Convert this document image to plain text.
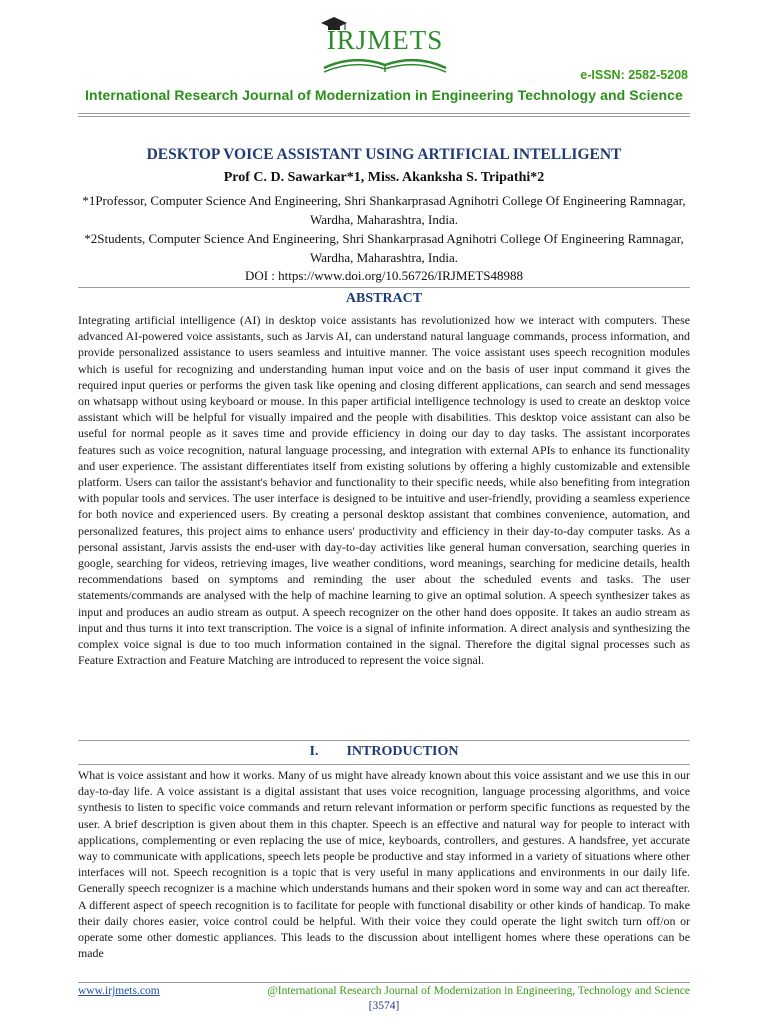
IRJMETS
e-ISSN: 2582-5208
International Research Journal of Modernization in Engineering Technology and Science
DESKTOP VOICE ASSISTANT USING ARTIFICIAL INTELLIGENT
Prof C. D. Sawarkar*1, Miss. Akanksha S. Tripathi*2
*1Professor, Computer Science And Engineering, Shri Shankarprasad Agnihotri College Of Engineering Ramnagar, Wardha, Maharashtra, India.
*2Students, Computer Science And Engineering, Shri Shankarprasad Agnihotri College Of Engineering Ramnagar, Wardha, Maharashtra, India.
DOI : https://www.doi.org/10.56726/IRJMETS48988
ABSTRACT

Integrating artificial intelligence (AI) in desktop voice assistants has revolutionized how we interact with computers. These advanced AI-powered voice assistants, such as Jarvis AI, can understand natural language commands, process information, and provide personalized assistance to users seamless and intuitive manner. The voice assistant uses speech recognition modules which is useful for recognizing and understanding human input voice and on the basis of user input command it gives the required input queries or performs the given task like opening and closing different applications, can search and send messages on whatsapp without using keyboard or mouse. In this paper artificial intelligence technology is used to create an desktop voice assistant which will be helpful for visually impaired and the people with disabilities. This desktop voice assistant can also be useful for normal people as it saves time and provide efficiency in doing our day to day tasks. The assistant incorporates features such as voice recognition, natural language processing, and integration with external APIs to enhance its functionality and user experience. The assistant differentiates itself from existing solutions by offering a highly customizable and extensible platform. Users can tailor the assistant's behavior and functionality to their specific needs, while also benefiting from integration with popular tools and services. The user interface is designed to be intuitive and user-friendly, providing a seamless experience for both novice and experienced users. By creating a personal desktop assistant that combines convenience, automation, and personalized features, this project aims to enhance users' productivity and efficiency in their day-to-day computer tasks. As a personal assistant, Jarvis assists the end-user with day-to-day activities like general human conversation, searching queries in google, searching for videos, retrieving images, live weather conditions, word meanings, searching for medicine details, health recommendations based on symptoms and reminding the user about the scheduled events and tasks. The user statements/commands are analysed with the help of machine learning to give an optimal solution. A speech synthesizer takes as input and produces an audio stream as output. A speech recognizer on the other hand does opposite. It takes an audio stream as input and thus turns it into text transcription. The voice is a signal of infinite information. A direct analysis and synthesizing the complex voice signal is due to too much information contained in the signal. Therefore the digital signal processes such as Feature Extraction and Feature Matching are introduced to represent the voice signal.

I. INTRODUCTION

What is voice assistant and how it works. Many of us might have already known about this voice assistant and we use this in our day-to-day life. A voice assistant is a digital assistant that uses voice recognition, language processing algorithms, and voice synthesis to listen to specific voice commands and return relevant information or perform specific functions as requested by the user. A brief description is given about them in this chapter. Speech is an effective and natural way for people to interact with applications, complementing or even replacing the use of mice, keyboards, controllers, and gestures. A handsfree, yet accurate way to communicate with applications, speech lets people be productive and stay informed in a variety of situations where other interfaces will not. Speech recognition is a topic that is very useful in many applications and environments in our daily life. Generally speech recognizer is a machine which understands humans and their spoken word in some way and can act thereafter. A different aspect of speech recognition is to facilitate for people with functional disability or other kinds of handicap. To make their daily chores easier, voice control could be helpful. With their voice they could operate the light switch turn off/on or operate some other domestic appliances. This leads to the discussion about intelligent homes where these operations can be made

www.irjmets.com	@International Research Journal of Modernization in Engineering, Technology and Science
[3574]
